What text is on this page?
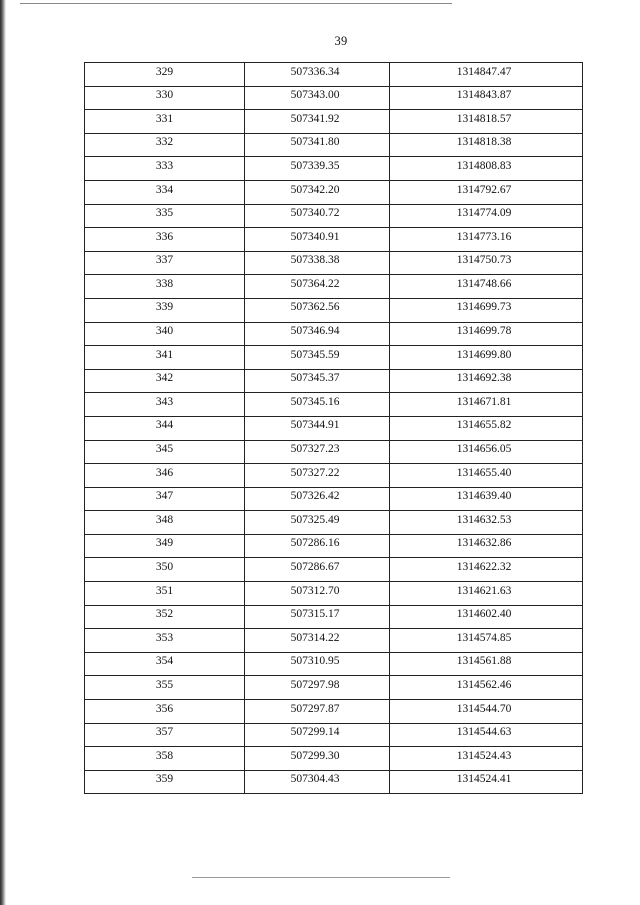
39
329	507336.34	1314847.47
330	507343.00	1314843.87
331	507341.92	1314818.57
332	507341.80	1314818.38
333	507339.35	1314808.83
334	507342.20	1314792.67
335	507340.72	1314774.09
336	507340.91	1314773.16
337	507338.38	1314750.73
338	507364.22	1314748.66
339	507362.56	1314699.73
340	507346.94	1314699.78
341	507345.59	1314699.80
342	507345.37	1314692.38
343	507345.16	1314671.81
344	507344.91	1314655.82
345	507327.23	1314656.05
346	507327.22	1314655.40
347	507326.42	1314639.40
348	507325.49	1314632.53
349	507286.16	1314632.86
350	507286.67	1314622.32
351	507312.70	1314621.63
352	507315.17	1314602.40
353	507314.22	1314574.85
354	507310.95	1314561.88
355	507297.98	1314562.46
356	507297.87	1314544.70
357	507299.14	1314544.63
358	507299.30	1314524.43
359	507304.43	1314524.41
